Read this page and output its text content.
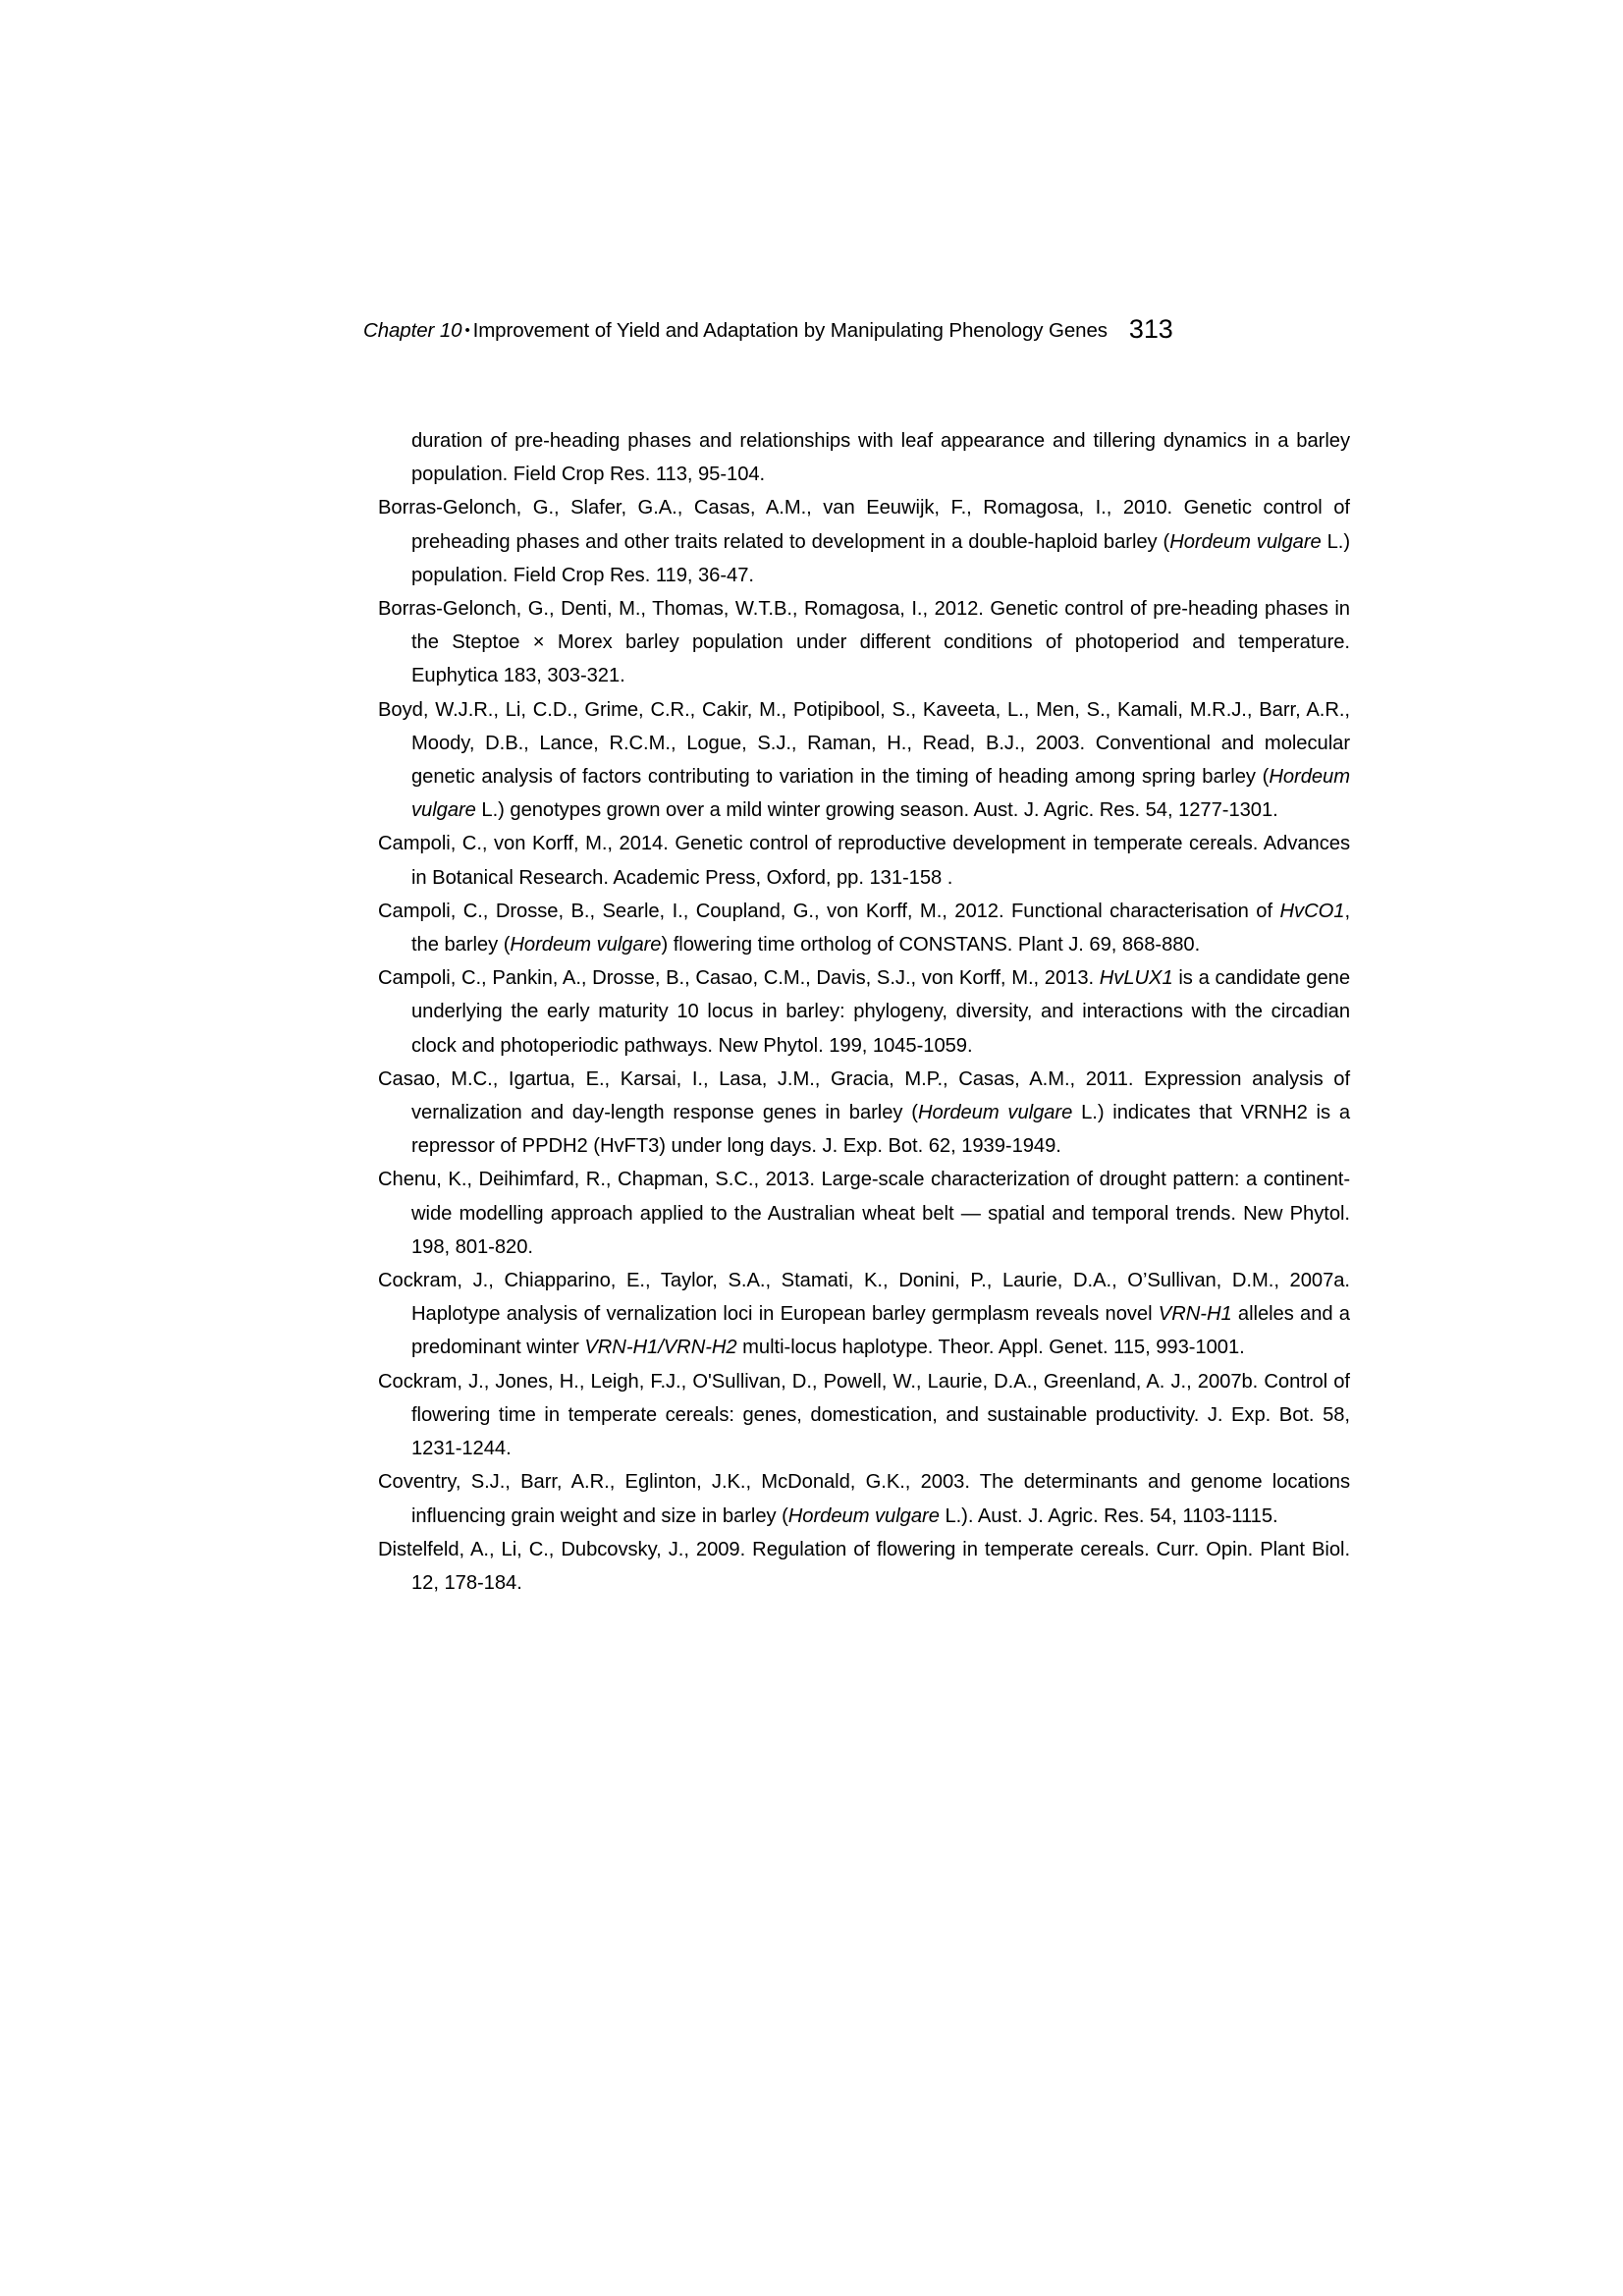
Chapter 10 • Improvement of Yield and Adaptation by Manipulating Phenology Genes 313

duration of pre-heading phases and relationships with leaf appearance and tillering dynamics in a barley population. Field Crop Res. 113, 95-104.

Borras-Gelonch, G., Slafer, G.A., Casas, A.M., van Eeuwijk, F., Romagosa, I., 2010. Genetic control of preheading phases and other traits related to development in a double-haploid barley (Hordeum vulgare L.) population. Field Crop Res. 119, 36-47.

Borras-Gelonch, G., Denti, M., Thomas, W.T.B., Romagosa, I., 2012. Genetic control of pre-heading phases in the Steptoe × Morex barley population under different conditions of photoperiod and temperature. Euphytica 183, 303-321.

Boyd, W.J.R., Li, C.D., Grime, C.R., Cakir, M., Potipibool, S., Kaveeta, L., Men, S., Kamali, M.R.J., Barr, A.R., Moody, D.B., Lance, R.C.M., Logue, S.J., Raman, H., Read, B.J., 2003. Conventional and molecular genetic analysis of factors contributing to variation in the timing of heading among spring barley (Hordeum vulgare L.) genotypes grown over a mild winter growing season. Aust. J. Agric. Res. 54, 1277-1301.

Campoli, C., von Korff, M., 2014. Genetic control of reproductive development in temperate cereals. Advances in Botanical Research. Academic Press, Oxford, pp. 131-158 .

Campoli, C., Drosse, B., Searle, I., Coupland, G., von Korff, M., 2012. Functional characterisation of HvCO1, the barley (Hordeum vulgare) flowering time ortholog of CONSTANS. Plant J. 69, 868-880.

Campoli, C., Pankin, A., Drosse, B., Casao, C.M., Davis, S.J., von Korff, M., 2013. HvLUX1 is a candidate gene underlying the early maturity 10 locus in barley: phylogeny, diversity, and interactions with the circadian clock and photoperiodic pathways. New Phytol. 199, 1045-1059.

Casao, M.C., Igartua, E., Karsai, I., Lasa, J.M., Gracia, M.P., Casas, A.M., 2011. Expression analysis of vernalization and day-length response genes in barley (Hordeum vulgare L.) indicates that VRNH2 is a repressor of PPDH2 (HvFT3) under long days. J. Exp. Bot. 62, 1939-1949.

Chenu, K., Deihimfard, R., Chapman, S.C., 2013. Large-scale characterization of drought pattern: a continent-wide modelling approach applied to the Australian wheat belt — spatial and temporal trends. New Phytol. 198, 801-820.

Cockram, J., Chiapparino, E., Taylor, S.A., Stamati, K., Donini, P., Laurie, D.A., O’Sullivan, D.M., 2007a. Haplotype analysis of vernalization loci in European barley germplasm reveals novel VRN-H1 alleles and a predominant winter VRN-H1/VRN-H2 multi-locus haplotype. Theor. Appl. Genet. 115, 993-1001.

Cockram, J., Jones, H., Leigh, F.J., O'Sullivan, D., Powell, W., Laurie, D.A., Greenland, A. J., 2007b. Control of flowering time in temperate cereals: genes, domestication, and sustainable productivity. J. Exp. Bot. 58, 1231-1244.

Coventry, S.J., Barr, A.R., Eglinton, J.K., McDonald, G.K., 2003. The determinants and genome locations influencing grain weight and size in barley (Hordeum vulgare L.). Aust. J. Agric. Res. 54, 1103-1115.

Distelfeld, A., Li, C., Dubcovsky, J., 2009. Regulation of flowering in temperate cereals. Curr. Opin. Plant Biol. 12, 178-184.
